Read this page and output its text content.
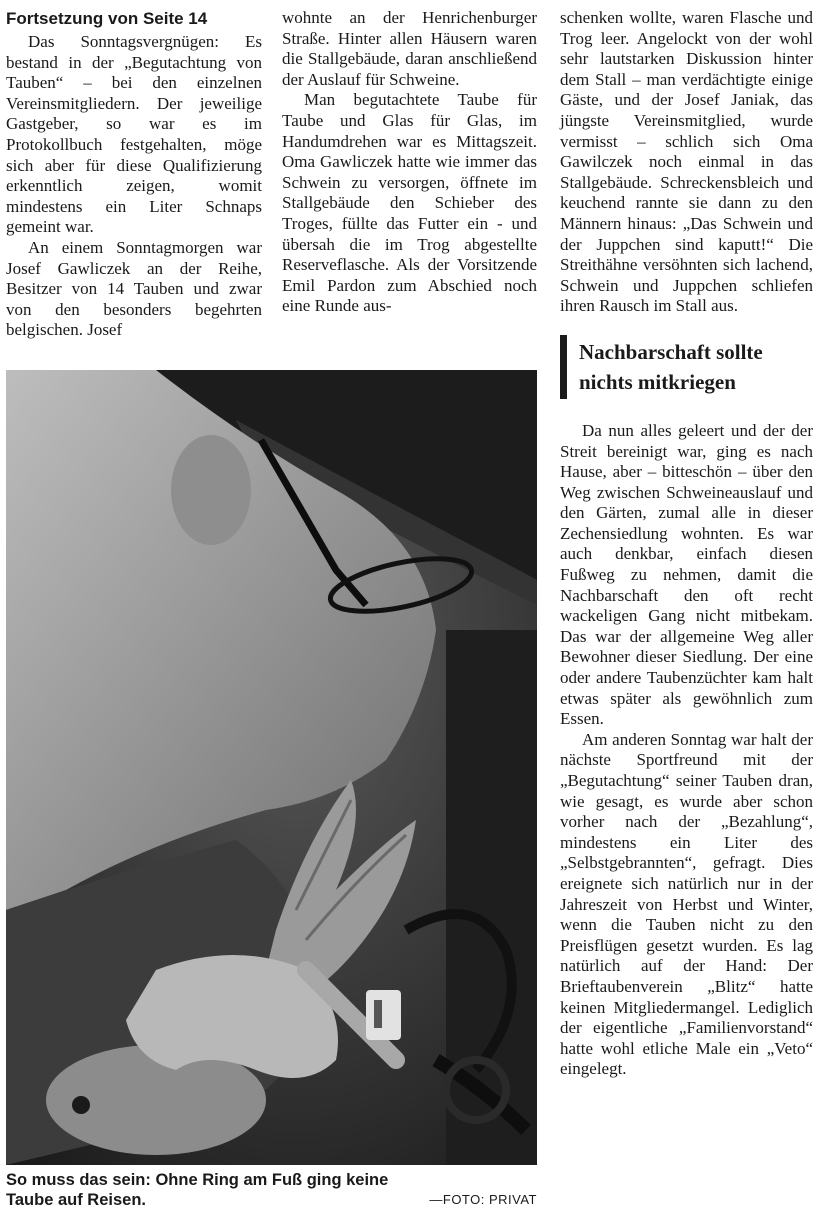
Fortsetzung von Seite 14

Das Sonntagsvergnügen: Es bestand in der „Begutachtung von Tauben“ – bei den einzelnen Vereinsmitgliedern. Der jeweilige Gastgeber, so war es im Protokollbuch festgehalten, möge sich aber für diese Qualifizierung erkenntlich zeigen, womit mindestens ein Liter Schnaps gemeint war.

An einem Sonntagmorgen war Josef Gawliczek an der Reihe, Besitzer von 14 Tauben und zwar von den besonders begehrten belgischen. Josef

wohnte an der Henrichenburger Straße. Hinter allen Häusern waren die Stallgebäude, daran anschließend der Auslauf für Schweine.

Man begutachtete Taube für Taube und Glas für Glas, im Handumdrehen war es Mittagszeit. Oma Gawliczek hatte wie immer das Schwein zu versorgen, öffnete im Stallgebäude den Schieber des Troges, füllte das Futter ein - und übersah die im Trog abgestellte Reserveflasche. Als der Vorsitzende Emil Pardon zum Abschied noch eine Runde aus-

schenken wollte, waren Flasche und Trog leer. Angelockt von der wohl sehr lautstarken Diskussion hinter dem Stall – man verdächtigte einige Gäste, und der Josef Janiak, das jüngste Vereinsmitglied, wurde vermisst – schlich sich Oma Gawilczek noch einmal in das Stallgebäude. Schreckensbleich und keuchend rannte sie dann zu den Männern hinaus: „Das Schwein und der Juppchen sind kaputt!“ Die Streithähne versöhnten sich lachend, Schwein und Juppchen schliefen ihren Rausch im Stall aus.

Nachbarschaft sollte
nichts mitkriegen

Da nun alles geleert und der der Streit bereinigt war, ging es nach Hause, aber – bitteschön – über den Weg zwischen Schweineauslauf und den Gärten, zumal alle in dieser Zechensiedlung wohnten. Es war auch denkbar, einfach diesen Fußweg zu nehmen, damit die Nachbarschaft den oft recht wackeligen Gang nicht mitbekam. Das war der allgemeine Weg aller Bewohner dieser Siedlung. Der eine oder andere Taubenzüchter kam halt etwas später als gewöhnlich zum Essen.

Am anderen Sonntag war halt der nächste Sportfreund mit der „Begutachtung“ seiner Tauben dran, wie gesagt, es wurde aber schon vorher nach der „Bezahlung“, mindestens ein Liter des „Selbstgebrannten“, gefragt. Dies ereignete sich natürlich nur in der Jahreszeit von Herbst und Winter, wenn die Tauben nicht zu den Preisflügen gesetzt wurden. Es lag natürlich auf der Hand: Der Brieftaubenverein „Blitz“ hatte keinen Mitgliedermangel. Lediglich der eigentliche „Familienvorstand“ hatte wohl etliche Male ein „Veto“ eingelegt.

So muss das sein: Ohne Ring am Fuß ging keine Taube auf Reisen.	—FOTO: PRIVAT
